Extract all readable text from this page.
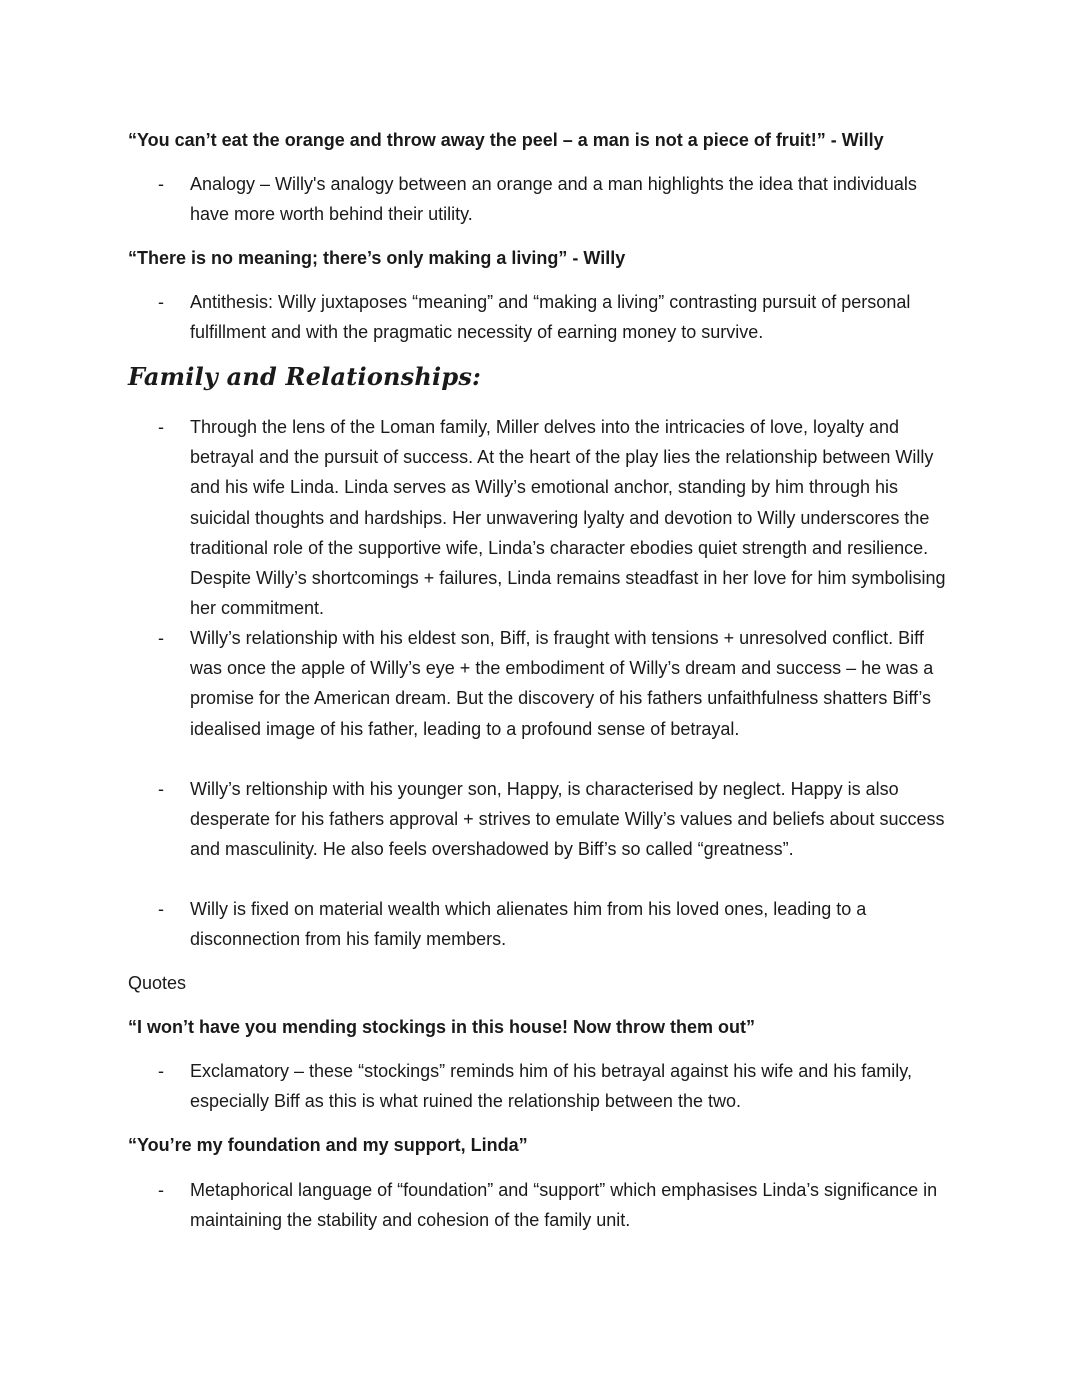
“You can’t eat the orange and throw away the peel – a man is not a piece of fruit!” - Willy
-	Analogy – Willy's analogy between an orange and a man highlights the idea that individuals have more worth behind their utility.
“There is no meaning; there’s only making a living” - Willy
-	Antithesis: Willy juxtaposes “meaning” and “making a living” contrasting pursuit of personal fulfillment and with the pragmatic necessity of earning money to survive.
Family and Relationships:
-	Through the lens of the Loman family, Miller delves into the intricacies of love, loyalty and betrayal and the pursuit of success. At the heart of the play lies the relationship between Willy and his wife Linda. Linda serves as Willy’s emotional anchor, standing by him through his suicidal thoughts and hardships. Her unwavering lyalty and devotion to Willy underscores the traditional role of the supportive wife, Linda’s character ebodies quiet strength and resilience. Despite Willy’s shortcomings + failures, Linda remains steadfast in her love for him symbolising her commitment.
-	Willy’s relationship with his eldest son, Biff, is fraught with tensions + unresolved conflict. Biff was once the apple of Willy’s eye + the embodiment of Willy’s dream and success – he was a promise for the American dream. But the discovery of his fathers unfaithfulness shatters Biff’s idealised image of his father, leading to a profound sense of betrayal.
-	Willy’s reltionship with his younger son, Happy, is characterised by neglect. Happy is also desperate for his fathers approval + strives to emulate Willy’s values and beliefs about success and masculinity. He also feels overshadowed by Biff’s so called “greatness”.
-	Willy is fixed on material wealth which alienates him from his loved ones, leading to a disconnection from his family members.
Quotes
“I won’t have you mending stockings in this house! Now throw them out”
-	Exclamatory – these “stockings” reminds him of his betrayal against his wife and his family, especially Biff as this is what ruined the relationship between the two.
“You’re my foundation and my support, Linda”
-	Metaphorical language of “foundation” and “support” which emphasises Linda’s significance in maintaining the stability and cohesion of the family unit.
